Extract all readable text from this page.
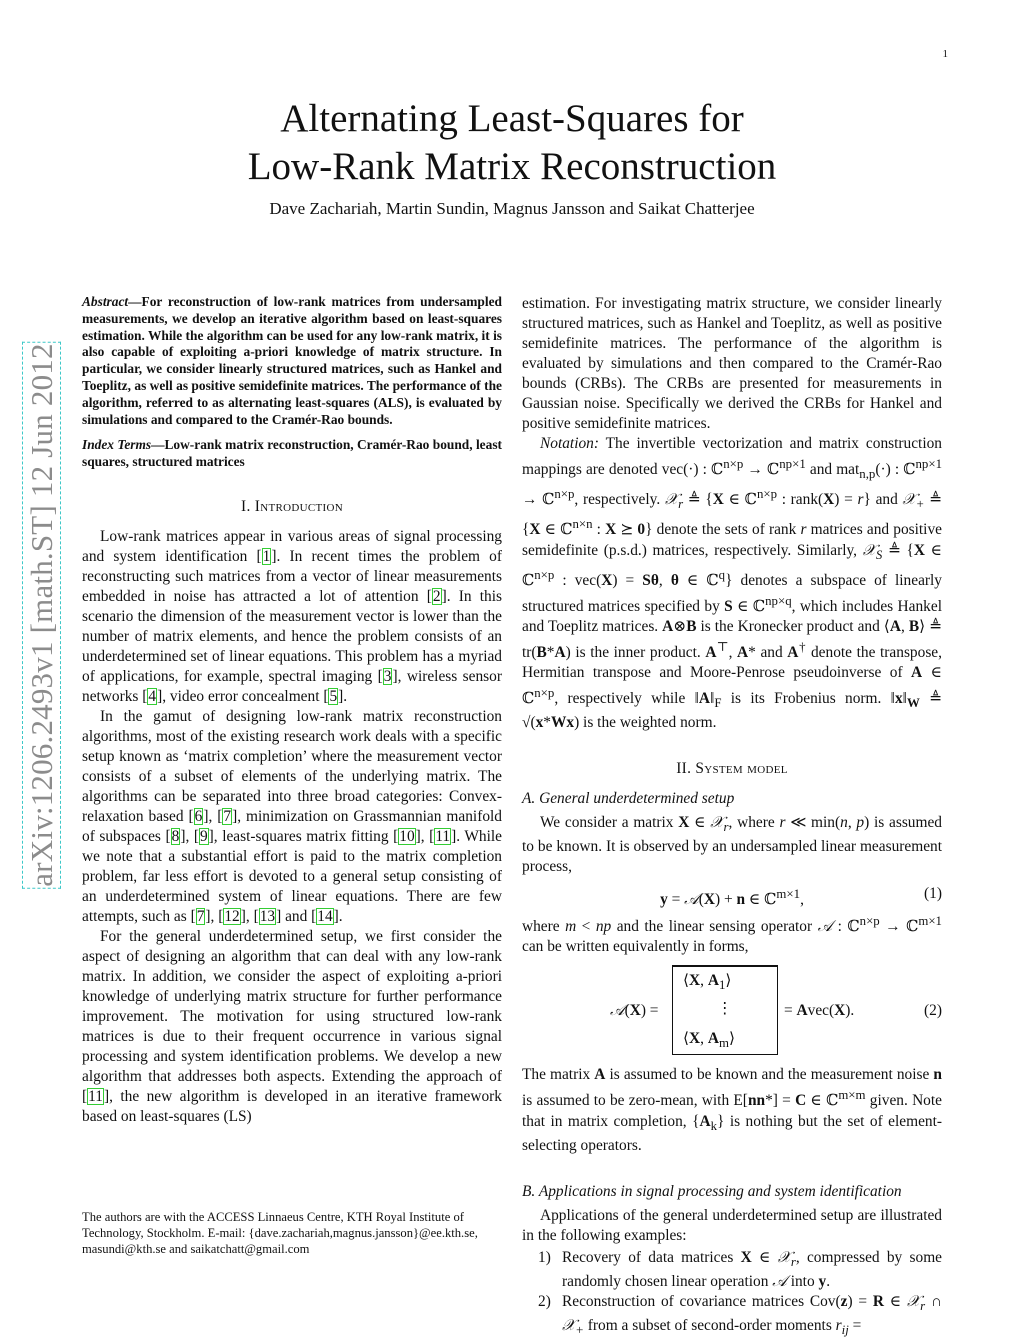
1
Alternating Least-Squares for
Low-Rank Matrix Reconstruction
Dave Zachariah, Martin Sundin, Magnus Jansson and Saikat Chatterjee
arXiv:1206.2493v1 [math.ST] 12 Jun 2012

Abstract—For reconstruction of low-rank matrices from undersampled measurements, we develop an iterative algorithm based on least-squares estimation. While the algorithm can be used for any low-rank matrix, it is also capable of exploiting a-priori knowledge of matrix structure. In particular, we consider linearly structured matrices, such as Hankel and Toeplitz, as well as positive semidefinite matrices. The performance of the algorithm, referred to as alternating least-squares (ALS), is evaluated by simulations and compared to the Cramér-Rao bounds.

Index Terms—Low-rank matrix reconstruction, Cramér-Rao bound, least squares, structured matrices

I. Introduction

Low-rank matrices appear in various areas of signal processing and system identification [1]. In recent times the problem of reconstructing such matrices from a vector of linear measurements embedded in noise has attracted a lot of attention [2]. In this scenario the dimension of the measurement vector is lower than the number of matrix elements, and hence the problem consists of an underdetermined set of linear equations. This problem has a myriad of applications, for example, spectral imaging [3], wireless sensor networks [4], video error concealment [5].

In the gamut of designing low-rank matrix reconstruction algorithms, most of the existing research work deals with a specific setup known as ‘matrix completion’ where the measurement vector consists of a subset of elements of the underlying matrix. The algorithms can be separated into three broad categories: Convex-relaxation based [6], [7], minimization on Grassmannian manifold of subspaces [8], [9], least-squares matrix fitting [10], [11]. While we note that a substantial effort is paid to the matrix completion problem, far less effort is devoted to a general setup consisting of an underdetermined system of linear equations. There are few attempts, such as [7], [12], [13] and [14].

For the general underdetermined setup, we first consider the aspect of designing an algorithm that can deal with any low-rank matrix. In addition, we consider the aspect of exploiting a-priori knowledge of underlying matrix structure for further performance improvement. The motivation for using structured low-rank matrices is due to their frequent occurrence in various signal processing and system identification problems. We develop a new algorithm that addresses both aspects. Extending the approach of [11], the new algorithm is developed in an iterative framework based on least-squares (LS)

The authors are with the ACCESS Linnaeus Centre, KTH Royal Institute of Technology, Stockholm. E-mail: {dave.zachariah,magnus.jansson}@ee.kth.se, masundi@kth.se and saikatchatt@gmail.com

estimation. For investigating matrix structure, we consider linearly structured matrices, such as Hankel and Toeplitz, as well as positive semidefinite matrices. The performance of the algorithm is evaluated by simulations and then compared to the Cramér-Rao bounds (CRBs). The CRBs are presented for measurements in Gaussian noise. Specifically we derived the CRBs for Hankel and positive semidefinite matrices.

Notation: The invertible vectorization and matrix construction mappings are denoted vec(·) : ℂ$^{n\times p}$ → ℂ$^{np\times 1}$ and mat$_{n,p}$(·) : ℂ$^{np\times 1}$ → ℂ$^{n\times p}$, respectively. 𝒳$_r$ ≜ {X ∈ ℂ$^{n\times p}$ : rank(X) = r} and 𝒳$_+$ ≜ {X ∈ ℂ$^{n\times n}$ : X ⪰ 0} denote the sets of rank r matrices and positive semidefinite (p.s.d.) matrices, respectively. Similarly, 𝒳$_S$ ≜ {X ∈ ℂ$^{n\times p}$ : vec(X) = Sθ, θ ∈ ℂ$^q$} denotes a subspace of linearly structured matrices specified by S ∈ ℂ$^{np\times q}$, which includes Hankel and Toeplitz matrices. A⊗B is the Kronecker product and ⟨A, B⟩ ≜ tr(B*A) is the inner product. A⊤, A* and A† denote the transpose, Hermitian transpose and Moore-Penrose pseudoinverse of A ∈ ℂ$^{n\times p}$, respectively while $‖A‖_F$ is its Frobenius norm. $‖x‖_W$ ≜ √(x*Wx) is the weighted norm.

II. System model
A. General underdetermined setup

We consider a matrix X ∈ 𝒳$_r$, where r ≪ min(n, p) is assumed to be known. It is observed by an undersampled linear measurement process,

y = 𝒜(X) + n ∈ ℂ$^{m\times 1}$,	(1)

where m < np and the linear sensing operator 𝒜 : ℂ$^{n\times p}$ → ℂ$^{m\times 1}$ can be written equivalently in forms,

𝒜(X) =
⟨X, $A_1⟩$
⋮
⟨X, $A_m⟩$
= Avec(X).	(2)

The matrix A is assumed to be known and the measurement noise n is assumed to be zero-mean, with E[nn*] = C ∈ ℂ$^{m\times m}$ given. Note that in matrix completion, $\{A_k\}$ is nothing but the set of element-selecting operators.

B. Applications in signal processing and system identification

Applications of the general underdetermined setup are illustrated in the following examples:

1) Recovery of data matrices X ∈ 𝒳$_r$, compressed by some randomly chosen linear operation 𝒜 into y.
2) Reconstruction of covariance matrices Cov(z) = R ∈ 𝒳$_r$ ∩ 𝒳$_+$ from a subset of second-order moments $r_{ij}$ =
